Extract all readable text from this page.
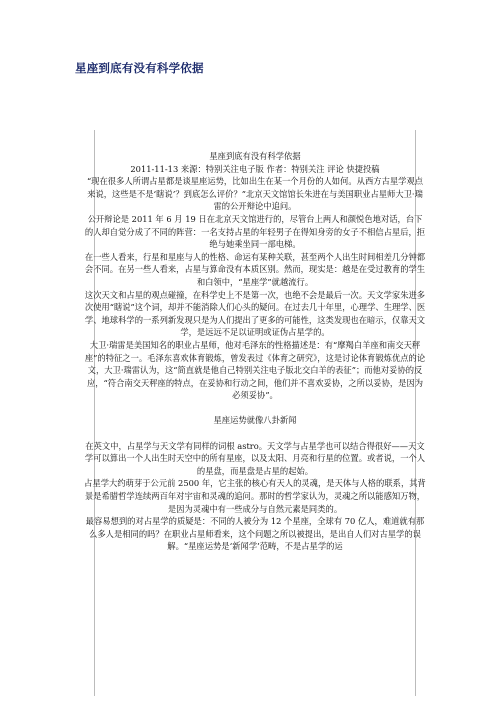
星座到底有没有科学依据

星座到底有没有科学依据

2011-11-13 来源：特别关注电子版 作者：特别关注 评论 快捷投稿

“现在很多人所谓占星都是谈星座运势，比如出生在某一个月份的人如何。从西方古星学观点来说，这些是不是‘瞎说’？到底怎么评价？”北京天文馆馆长朱进在与美国职业占星师大卫·瑞雷的公开辩论中追问。

公开辩论是 2011 年 6 月 19 日在北京天文馆进行的，尽管台上两人和颜悦色地对话，台下的人却自觉分成了不同的阵营：一名支持占星的年轻男子在得知身旁的女子不相信占星后，拒绝与她乘坐同一部电梯。

在一些人看来，行星和星座与人的性格、命运有某种关联，甚至两个人出生时间相差几分钟都会不同。在另一些人看来，占星与算命没有本质区别。然而，现实是：越是在受过教育的学生和白领中，“星座学”就越流行。

这次天文和占星的观点碰撞，在科学史上不是第一次，也绝不会是最后一次。天文学家朱进多次使用“瞎说”这个词，却并不能消除人们心头的疑问。在过去几十年里，心理学、生理学、医学、地球科学的一系列新发现只是为人们提出了更多的可能性，这类发现也在暗示，仅靠天文学，是远远不足以证明或证伪占星学的。

大卫·瑞雷是美国知名的职业占星师，他对毛泽东的性格描述是：有“摩羯白羊座和南交天秤座”的特征之一。毛泽东喜欢体育锻炼，曾发表过《体育之研究》，这是讨论体育锻炼优点的论文，大卫·瑞雷认为，这“简直就是他自己特别关注电子版北交白羊的表征”；而他对妥协的反应，“符合南交天秤座的特点，在妥协和行动之间，他们并不喜欢妥协，之所以妥协，是因为必须妥协”。

星座运势就像八卦新闻

在英文中，占星学与天文学有同样的词根 astro。天文学与占星学也可以结合得很好——天文学可以算出一个人出生时天空中的所有星座，以及太阳、月亮和行星的位置。或者说，一个人的星盘，而星盘是占星的起始。

占星学大约萌芽于公元前 2500 年，它主张的核心有天人的灵魂，是天体与人格的联系，其背景是希腊哲学连续两百年对宇宙和灵魂的追问。那时的哲学家认为，灵魂之所以能感知万物，是因为灵魂中有一些成分与自然元素是同类的。

最容易想到的对占星学的质疑是：不同的人被分为 12 个星座，全球有 70 亿人，难道就有那么多人是相同的吗？在职业占星师看来，这个问题之所以被提出，是出自人们对古星学的误解。“星座运势是‘新闻学’范畴，不是占星学的运
